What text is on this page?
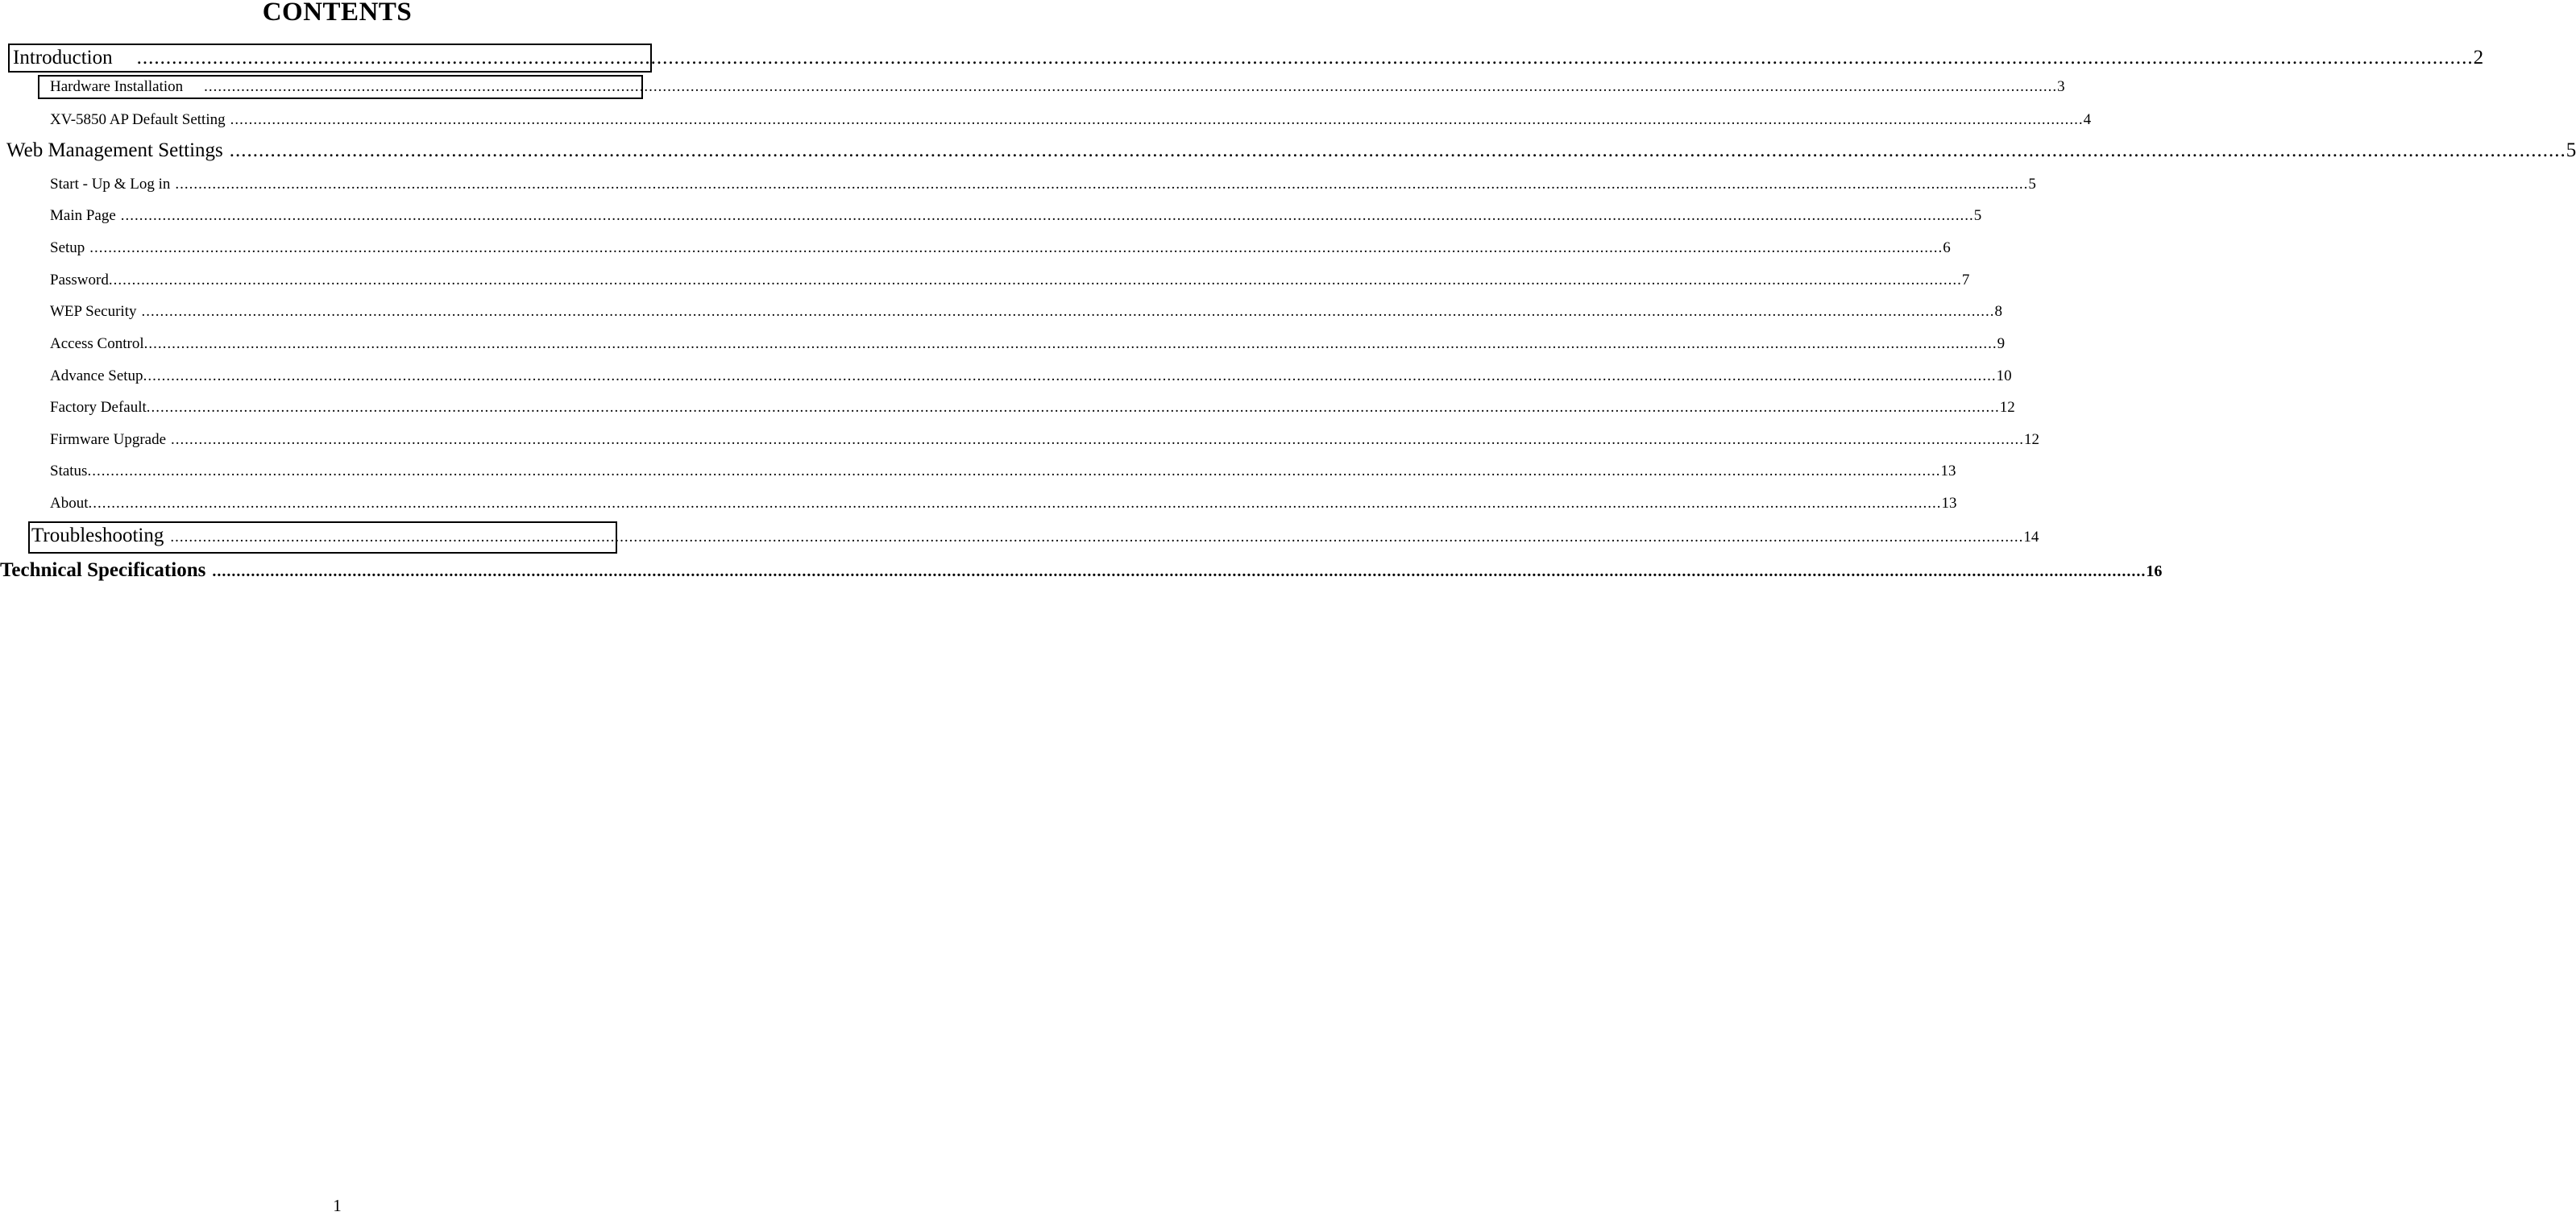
CONTENTS
Introduction	................................................................................................................................................................................................................................................................................................................................................................................................................ 2
Hardware Installation	................................................................................................................................................................................................................................................................................................................................................................................................................ 3
XV-5850 AP Default Setting ................................................................................................................................................................................................................................................................................................................................................................................................................ 4
Web Management Settings ................................................................................................................................................................................................................................................................................................................................................................................................................ 5
Start - Up & Log in ................................................................................................................................................................................................................................................................................................................................................................................................................ 5
Main Page ................................................................................................................................................................................................................................................................................................................................................................................................................ 5
Setup ................................................................................................................................................................................................................................................................................................................................................................................................................ 6
Password ................................................................................................................................................................................................................................................................................................................................................................................................................ 7
WEP Security ................................................................................................................................................................................................................................................................................................................................................................................................................ 8
Access Control ................................................................................................................................................................................................................................................................................................................................................................................................................ 9
Advance Setup ................................................................................................................................................................................................................................................................................................................................................................................................................ 10
Factory Default ................................................................................................................................................................................................................................................................................................................................................................................................................ 12
Firmware Upgrade ................................................................................................................................................................................................................................................................................................................................................................................................................ 12
Status ................................................................................................................................................................................................................................................................................................................................................................................................................ 13
About ................................................................................................................................................................................................................................................................................................................................................................................................................ 13
Troubleshooting ................................................................................................................................................................................................................................................................................................................................................................................................................ 14
Technical Specifications ................................................................................................................................................................................................................................................................................................................................................................................................................ 16
1
